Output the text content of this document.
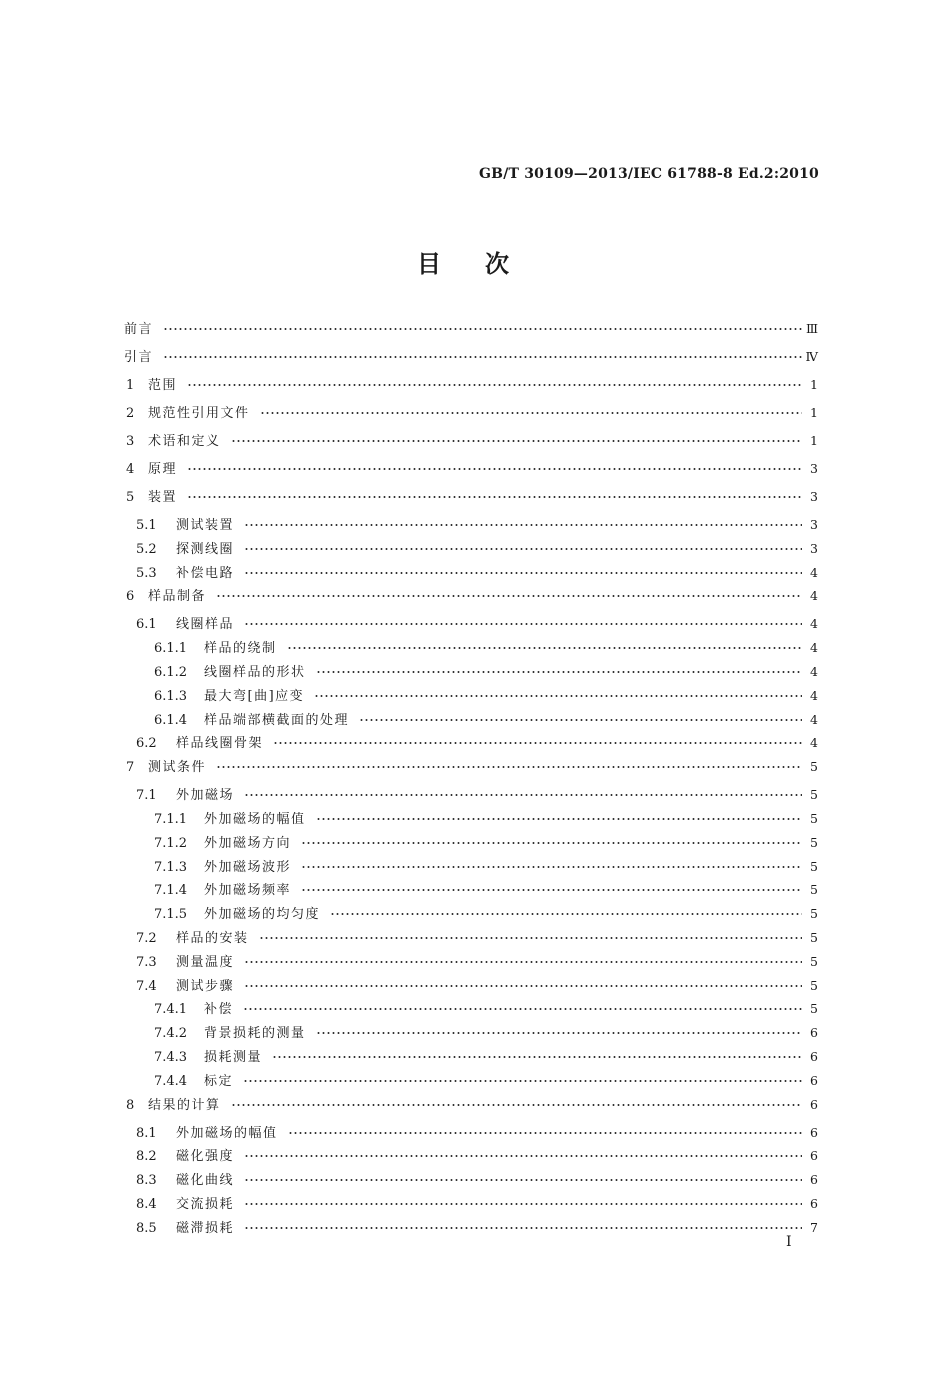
GB/T 30109—2013/IEC 61788-8 Ed.2:2010
目次
前言	Ⅲ
引言	Ⅳ
1	范围	1
2	规范性引用文件	1
3	术语和定义	1
4	原理	3
5	装置	3
5.1	测试装置	3
5.2	探测线圈	3
5.3	补偿电路	4
6	样品制备	4
6.1	线圈样品	4
6.1.1	样品的绕制	4
6.1.2	线圈样品的形状	4
6.1.3	最大弯[曲]应变	4
6.1.4	样品端部横截面的处理	4
6.2	样品线圈骨架	4
7	测试条件	5
7.1	外加磁场	5
7.1.1	外加磁场的幅值	5
7.1.2	外加磁场方向	5
7.1.3	外加磁场波形	5
7.1.4	外加磁场频率	5
7.1.5	外加磁场的均匀度	5
7.2	样品的安装	5
7.3	测量温度	5
7.4	测试步骤	5
7.4.1	补偿	5
7.4.2	背景损耗的测量	6
7.4.3	损耗测量	6
7.4.4	标定	6
8	结果的计算	6
8.1	外加磁场的幅值	6
8.2	磁化强度	6
8.3	磁化曲线	6
8.4	交流损耗	6
8.5	磁滞损耗	7
I
